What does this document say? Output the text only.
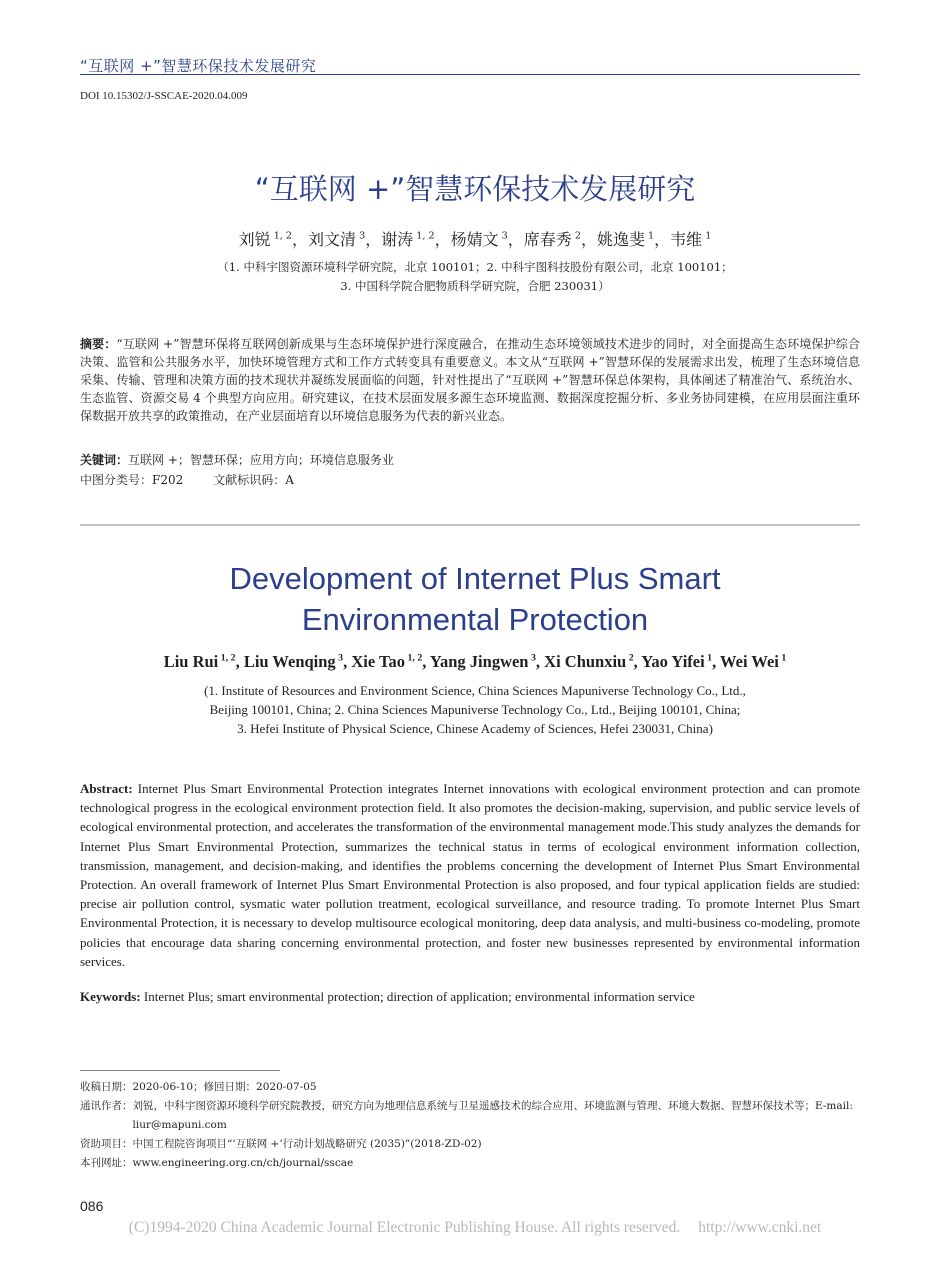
“互联网 +”智慧环保技术发展研究
DOI 10.15302/J-SSCAE-2020.04.009
“互联网 +”智慧环保技术发展研究
刘锐 $^{1, 2}$，刘文清 $^3$，谢涛 $^{1, 2}$，杨婧文 $^3$，席春秀 $^2$，姚逸斐 $^1$，韦维 $^1$
（1. 中科宇图资源环境科学研究院，北京 100101；2. 中科宇图科技股份有限公司，北京 100101；
3. 中国科学院合肥物质科学研究院，合肥 230031）
摘要：“互联网 +”智慧环保将互联网创新成果与生态环境保护进行深度融合，在推动生态环境领域技术进步的同时，对全面提高生态环境保护综合决策、监管和公共服务水平，加快环境管理方式和工作方式转变具有重要意义。本文从“互联网 +”智慧环保的发展需求出发，梳理了生态环境信息采集、传输、管理和决策方面的技术现状并凝练发展面临的问题，针对性提出了“互联网 +”智慧环保总体架构，具体阐述了精准治气、系统治水、生态监管、资源交易 4 个典型方向应用。研究建议，在技术层面发展多源生态环境监测、数据深度挖掘分析、多业务协同建模，在应用层面注重环保数据开放共享的政策推动，在产业层面培育以环境信息服务为代表的新兴业态。
关键词：互联网 +；智慧环保；应用方向；环境信息服务业
中图分类号：F202	文献标识码：A
Development of Internet Plus Smart
Environmental Protection
Liu Rui $^{1, 2}$, Liu Wenqing $^3$, Xie Tao $^{1, 2}$, Yang Jingwen $^3$, Xi Chunxiu $^2$, Yao Yifei $^1$, Wei Wei $^1$
(1. Institute of Resources and Environment Science, China Sciences Mapuniverse Technology Co., Ltd.,
Beijing 100101, China; 2. China Sciences Mapuniverse Technology Co., Ltd., Beijing 100101, China;
3. Hefei Institute of Physical Science, Chinese Academy of Sciences, Hefei 230031, China)
Abstract: Internet Plus Smart Environmental Protection integrates Internet innovations with ecological environment protection and can promote technological progress in the ecological environment protection field. It also promotes the decision-making, supervision, and public service levels of ecological environmental protection, and accelerates the transformation of the environmental management mode.This study analyzes the demands for Internet Plus Smart Environmental Protection, summarizes the technical status in terms of ecological environment information collection, transmission, management, and decision-making, and identifies the problems concerning the development of Internet Plus Smart Environmental Protection. An overall framework of Internet Plus Smart Environmental Protection is also proposed, and four typical application fields are studied: precise air pollution control, sysmatic water pollution treatment, ecological surveillance, and resource trading. To promote Internet Plus Smart Environmental Protection, it is necessary to develop multisource ecological monitoring, deep data analysis, and multi-business co-modeling, promote policies that encourage data sharing concerning environmental protection, and foster new businesses represented by environmental information services.
Keywords: Internet Plus; smart environmental protection; direction of application; environmental information service
收稿日期： 2020-06-10；修回日期：2020-07-05
通讯作者： 刘锐，中科宇图资源环境科学研究院教授，研究方向为地理信息系统与卫星遥感技术的综合应用、环境监测与管理、环境大数据、智慧环保技术等；E-mail: liur@mapuni.com
资助项目： 中国工程院咨询项目“‘互联网 +’行动计划战略研究 (2035)”(2018-ZD-02)
本刊网址： www.engineering.org.cn/ch/journal/sscae
086
(C)1994-2020 China Academic Journal Electronic Publishing House. All rights reserved. http://www.cnki.net
